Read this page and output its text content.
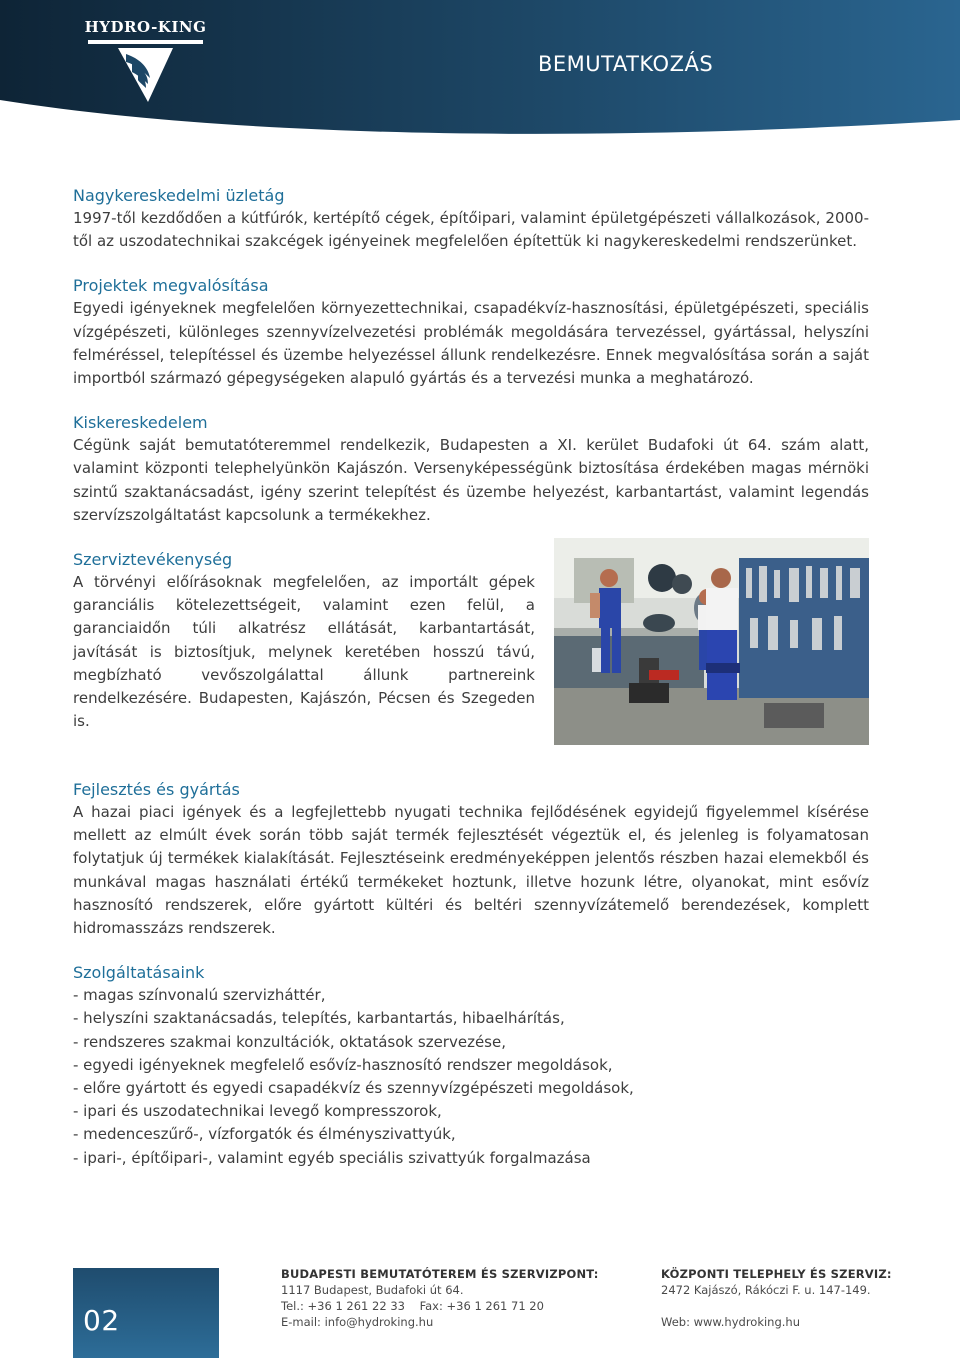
HYDRO-KING
BEMUTATKOZÁS
Nagykereskedelmi üzletág

1997-től kezdődően a kútfúrók, kertépítő cégek, építőipari, valamint épületgépészeti vállalkozások, 2000-től az uszodatechnikai szakcégek igényeinek megfelelően építettük ki nagykereskedelmi rendszerünket.

Projektek megvalósítása

Egyedi igényeknek megfelelően környezettechnikai, csapadékvíz-hasznosítási, épületgépészeti, speciális vízgépészeti, különleges szennyvízelvezetési problémák megoldására tervezéssel, gyártással, helyszíni felméréssel, telepítéssel és üzembe helyezéssel állunk rendelkezésre. Ennek megvalósítása során a saját importból származó gépegységeken alapuló gyártás és a tervezési munka a meghatározó.

Kiskereskedelem

Cégünk saját bemutatóteremmel rendelkezik, Budapesten a XI. kerület Budafoki út 64. szám alatt, valamint központi telephelyünkön Kajászón. Versenyképességünk biztosítása érdekében magas mérnöki szintű szaktanácsadást, igény szerint telepítést és üzembe helyezést, karbantartást, valamint legendás szervízszolgáltatást kapcsolunk a termékekhez.

Szerviztevékenység

A törvényi előírásoknak megfelelően, az importált gépek garanciális kötelezettségeit, valamint ezen felül, a garanciaidőn túli alkatrész ellátását, karbantartását, javítását is biztosítjuk, melynek keretében hosszú távú, megbízható vevőszolgálattal állunk partnereink rendelkezésére. Budapesten, Kajászón, Pécsen és Szegeden is.

Fejlesztés és gyártás

A hazai piaci igények és a legfejlettebb nyugati technika fejlődésének egyidejű figyelemmel kísérése mellett az elmúlt évek során több saját termék fejlesztését végeztük el, és jelenleg is folyamatosan folytatjuk új termékek kialakítását. Fejlesztéseink eredményeképpen jelentős részben hazai elemekből és munkával magas használati értékű termékeket hoztunk, illetve hozunk létre, olyanokat, mint esővíz hasznosító rendszerek, előre gyártott kültéri és beltéri szennyvízátemelő berendezések, komplett hidromasszázs rendszerek.

Szolgáltatásaink
- magas színvonalú szervizháttér,
- helyszíni szaktanácsadás, telepítés, karbantartás, hibaelhárítás,
- rendszeres szakmai konzultációk, oktatások szervezése,
- egyedi igényeknek megfelelő esővíz-hasznosító rendszer megoldások,
- előre gyártott és egyedi csapadékvíz és szennyvízgépészeti megoldások,
- ipari és uszodatechnikai levegő kompresszorok,
- medenceszűrő-, vízforgatók és élményszivattyúk,
- ipari-, építőipari-, valamint egyéb speciális szivattyúk forgalmazása
02
BUDAPESTI BEMUTATÓTEREM ÉS SZERVIZPONT:
1117 Budapest, Budafoki út 64.
Tel.: +36 1 261 22 33    Fax: +36 1 261 71 20
E-mail: info@hydroking.hu
KÖZPONTI TELEPHELY ÉS SZERVIZ:
2472 Kajászó, Rákóczi F. u. 147-149.
Web: www.hydroking.hu
